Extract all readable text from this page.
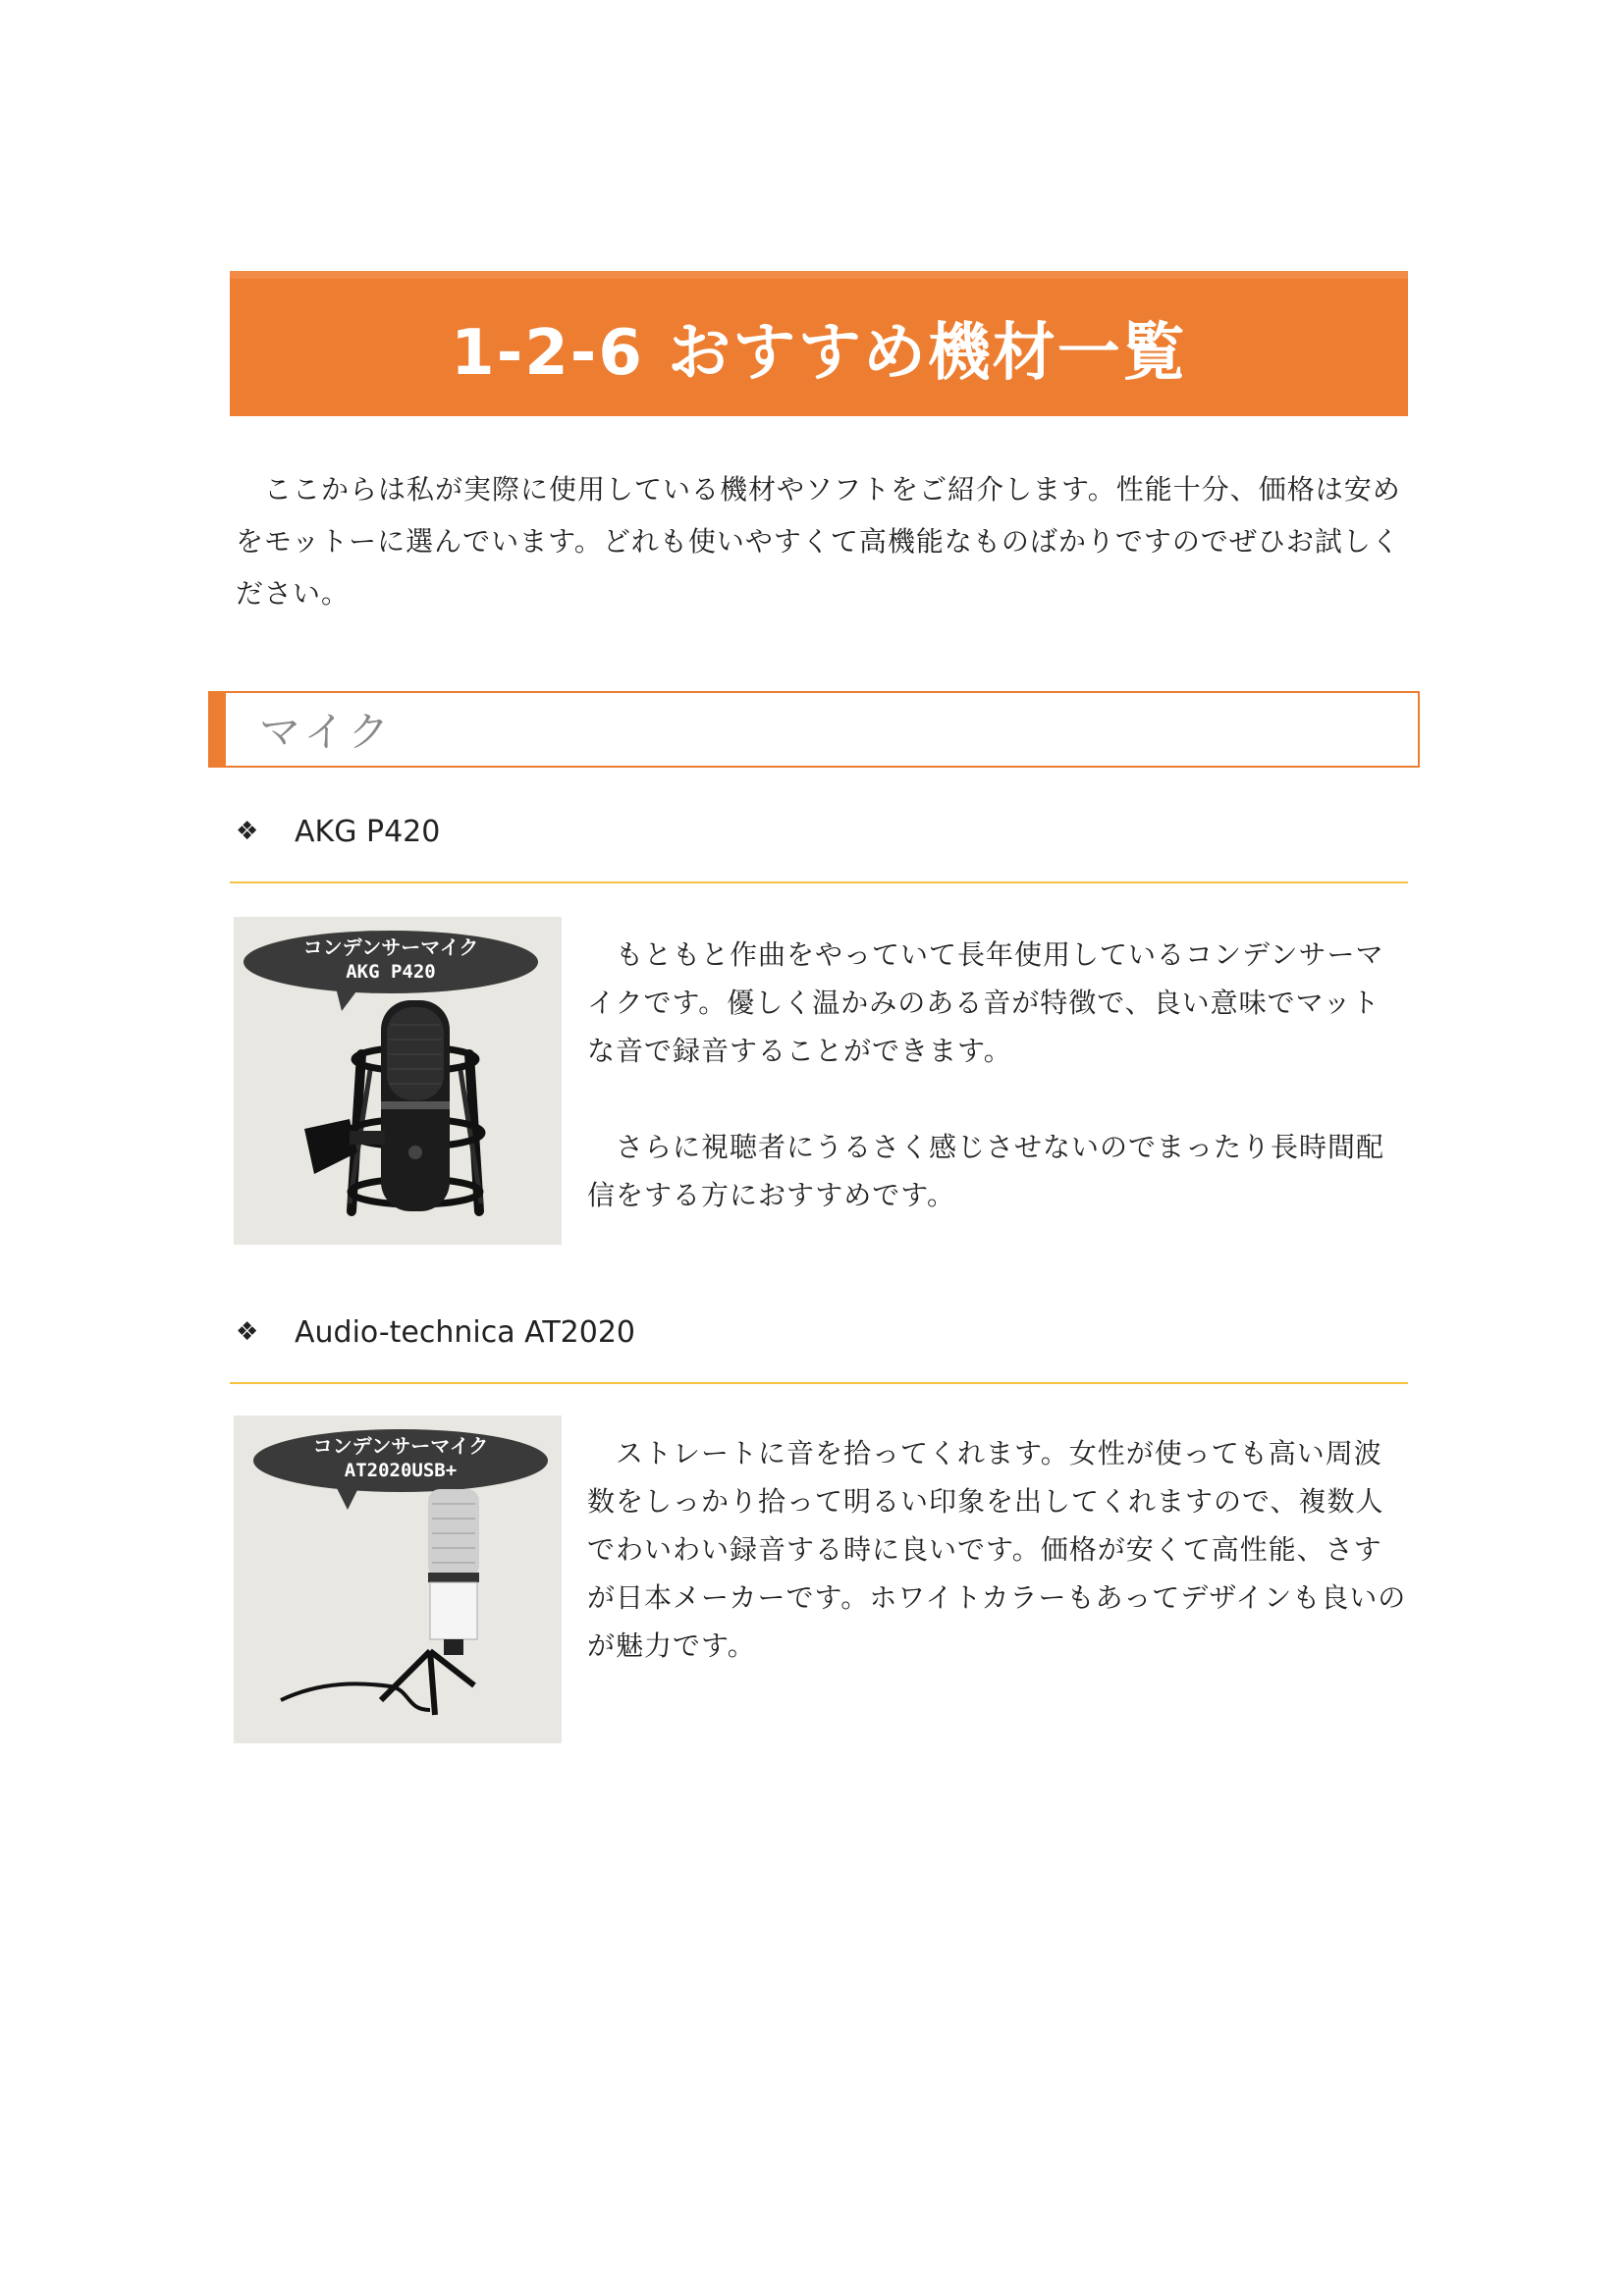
1-2-6 おすすめ機材一覧

　ここからは私が実際に使用している機材やソフトをご紹介します。性能十分、価格は安めをモットーに選んでいます。どれも使いやすくて高機能なものばかりですのでぜひお試しください。

マイク
❖	AKG P420
コンデンサーマイク
AKG P420

　もともと作曲をやっていて長年使用しているコンデンサーマイクです。優しく温かみのある音が特徴で、良い意味でマットな音で録音することができます。

　さらに視聴者にうるさく感じさせないのでまったり長時間配信をする方におすすめです。

❖	Audio-technica AT2020
コンデンサーマイク
AT2020USB+

　ストレートに音を拾ってくれます。女性が使っても高い周波数をしっかり拾って明るい印象を出してくれますので、複数人でわいわい録音する時に良いです。価格が安くて高性能、さすが日本メーカーです。ホワイトカラーもあってデザインも良いのが魅力です。
